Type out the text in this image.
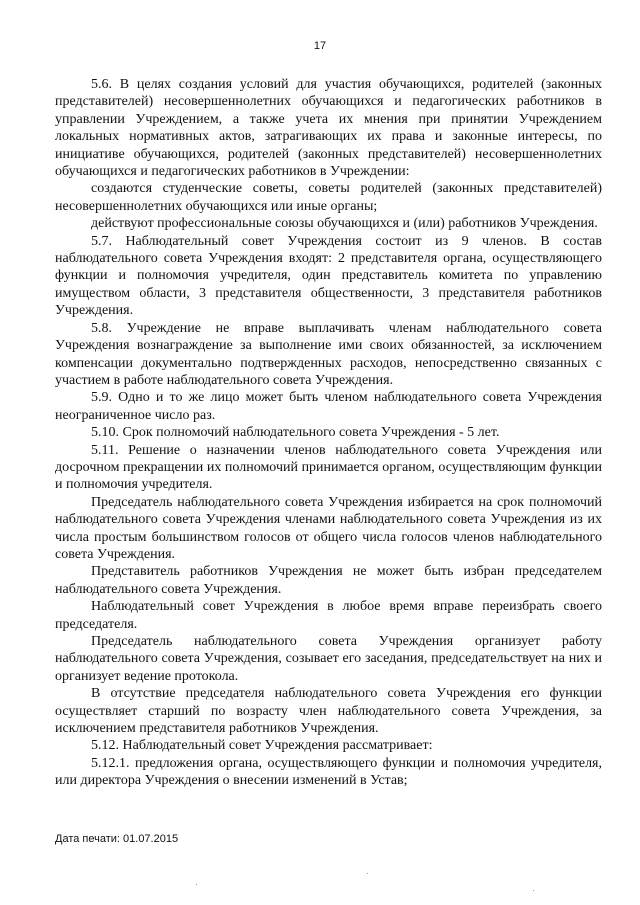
17

5.6. В целях создания условий для участия обучающихся, родителей (законных представителей) несовершеннолетних обучающихся и педагогических работников в управлении Учреждением, а также учета их мнения при принятии Учреждением локальных нормативных актов, затрагивающих их права и законные интересы, по инициативе обучающихся, родителей (законных представителей) несовершеннолетних обучающихся и педагогических работников в Учреждении:

создаются студенческие советы, советы родителей (законных представителей) несовершеннолетних обучающихся или иные органы;

действуют профессиональные союзы обучающихся и (или) работников Учреждения.

5.7. Наблюдательный совет Учреждения состоит из 9 членов. В состав наблюдательного совета Учреждения входят: 2 представителя органа, осуществляющего функции и полномочия учредителя, один представитель комитета по управлению имуществом области, 3 представителя общественности, 3 представителя работников Учреждения.

5.8. Учреждение не вправе выплачивать членам наблюдательного совета Учреждения вознаграждение за выполнение ими своих обязанностей, за исключением компенсации документально подтвержденных расходов, непосредственно связанных с участием в работе наблюдательного совета Учреждения.

5.9. Одно и то же лицо может быть членом наблюдательного совета Учреждения неограниченное число раз.

5.10. Срок полномочий наблюдательного совета Учреждения - 5 лет.

5.11. Решение о назначении членов наблюдательного совета Учреждения или досрочном прекращении их полномочий принимается органом, осуществляющим функции и полномочия учредителя.

Председатель наблюдательного совета Учреждения избирается на срок полномочий наблюдательного совета Учреждения членами наблюдательного совета Учреждения из их числа простым большинством голосов от общего числа голосов членов наблюдательного совета Учреждения.

Представитель работников Учреждения не может быть избран председателем наблюдательного совета Учреждения.

Наблюдательный совет Учреждения в любое время вправе переизбрать своего председателя.

Председатель наблюдательного совета Учреждения организует работу наблюдательного совета Учреждения, созывает его заседания, председательствует на них и организует ведение протокола.

В отсутствие председателя наблюдательного совета Учреждения его функции осуществляет старший по возрасту член наблюдательного совета Учреждения, за исключением представителя работников Учреждения.

5.12. Наблюдательный совет Учреждения рассматривает:

5.12.1. предложения органа, осуществляющего функции и полномочия учредителя, или директора Учреждения о внесении изменений в Устав;

Дата печати: 01.07.2015
